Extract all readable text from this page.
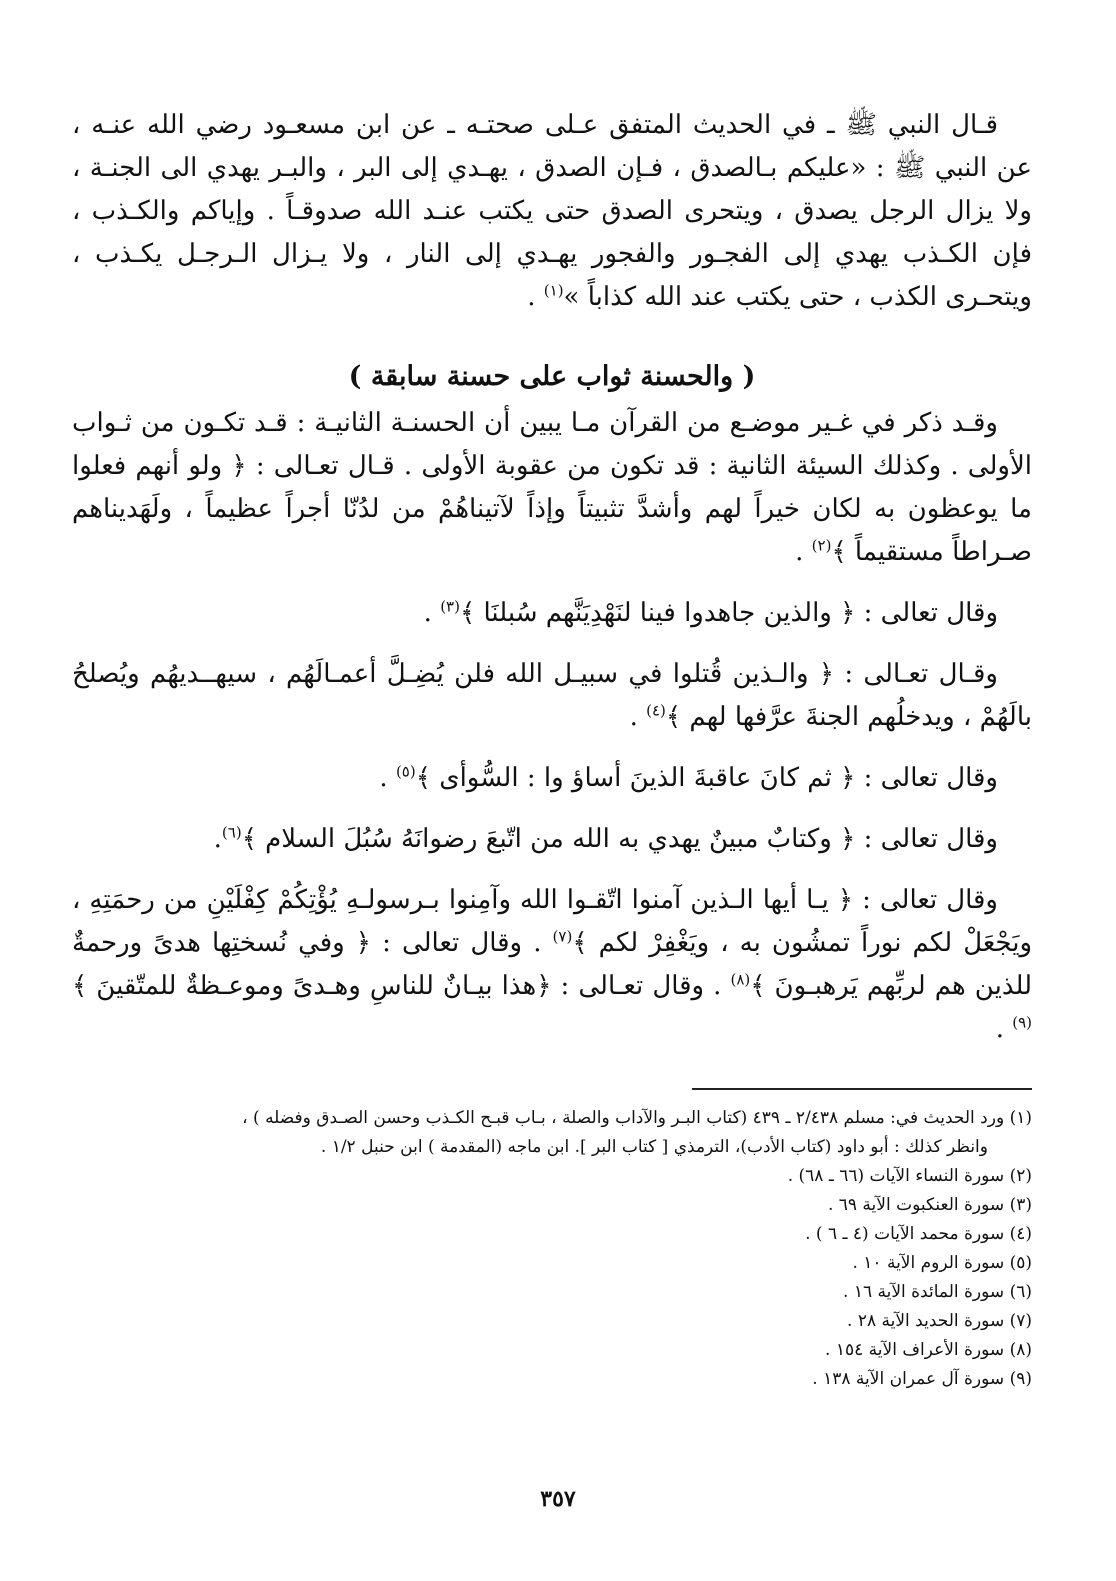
قـال النبي ﷺ ـ في الحديث المتفق عـلى صحتـه ـ عن ابن مسعـود رضي الله عنـه ، عن النبي ﷺ : «عليكم بـالصدق ، فـإن الصدق ، يهـدي إلى البر ، والبـر يهدي الى الجنـة ، ولا يزال الرجل يصدق ، ويتحرى الصدق حتى يكتب عنـد الله صدوقـاً . وإياكم والكـذب ، فإن الكـذب يهدي إلى الفجـور والفجور يهـدي إلى النار ، ولا يـزال الـرجـل يكـذب ، ويتحـرى الكذب ، حتى يكتب عند الله كذاباً »$^{(١)}$ .

( والحسنة ثواب على حسنة سابقة )

وقـد ذكر في غـير موضـع من القرآن مـا يبين أن الحسنـة الثانيـة : قـد تكـون من ثـواب الأولى . وكذلك السيئة الثانية : قد تكون من عقوبة الأولى . قـال تعـالى : ﴿ ولو أنهم فعلوا ما يوعظون به لكان خيراً لهم وأشدَّ تثبيتاً وإذاً لآتيناهُمْ من لدُنّا أجراً عظيماً ، ولَهَديناهم صـراطاً مستقيماً ﴾$^{(٢)}$ .

وقال تعالى : ﴿ والذين جاهدوا فينا لنَهْدِيَنَّهم سُبلنَا ﴾$^{(٣)}$ .

وقـال تعـالى : ﴿ والـذين قُتلوا في سبيـل الله فلن يُضِـلَّ أعمـالَهُم ، سيهــديهُم ويُصلحُ بالَهُمْ ، ويدخلُهم الجنةَ عرَّفها لهم ﴾$^{(٤)}$ .

وقال تعالى : ﴿ ثم كانَ عاقبةَ الذينَ أساؤ وا : السُّوأى ﴾$^{(٥)}$ .

وقال تعالى : ﴿ وكتابٌ مبينٌ يهدي به الله من اتّبعَ رضوانَهُ سُبُلَ السلام ﴾$^{(٦)}$.

وقال تعالى : ﴿ يـا أيها الـذين آمنوا اتّقـوا الله وآمِنوا بـرسولـهِ يُؤْتِكُمْ كِفْلَيْنِ من رحمَتِهِ ، ويَجْعَلْ لكم نوراً تمشُون به ، ويَغْفِرْ لكم ﴾$^{(٧)}$ . وقال تعالى : ﴿ وفي نُسختِها هدىً ورحمةٌ للذين هم لربِّهم يَرهبـونَ ﴾$^{(٨)}$ . وقال تعـالى : ﴿هذا بيـانٌ للناسِ وهـدىً وموعـظةٌ للمتّقينَ ﴾$^{(٩)}$ .

(١) ورد الحديث في: مسلم ٢/٤٣٨ ـ ٤٣٩ (كتاب البـر والآداب والصلة ، بـاب قبـح الكـذب وحسن الصـدق وفضله ) ،

وانظر كذلك : أبو داود (كتاب الأدب)، الترمذي [ كتاب البر ]. ابن ماجه (المقدمة ) ابن حنبل ١/٢ .

(٢) سورة النساء الآيات (٦٦ ـ ٦٨) .

(٣) سورة العنكبوت الآية ٦٩ .

(٤) سورة محمد الآيات (٤ ـ ٦ ) .

(٥) سورة الروم الآية ١٠ .

(٦) سورة المائدة الآية ١٦ .

(٧) سورة الحديد الآية ٢٨ .

(٨) سورة الأعراف الآية ١٥٤ .

(٩) سورة آل عمران الآية ١٣٨ .

٣٥٧
